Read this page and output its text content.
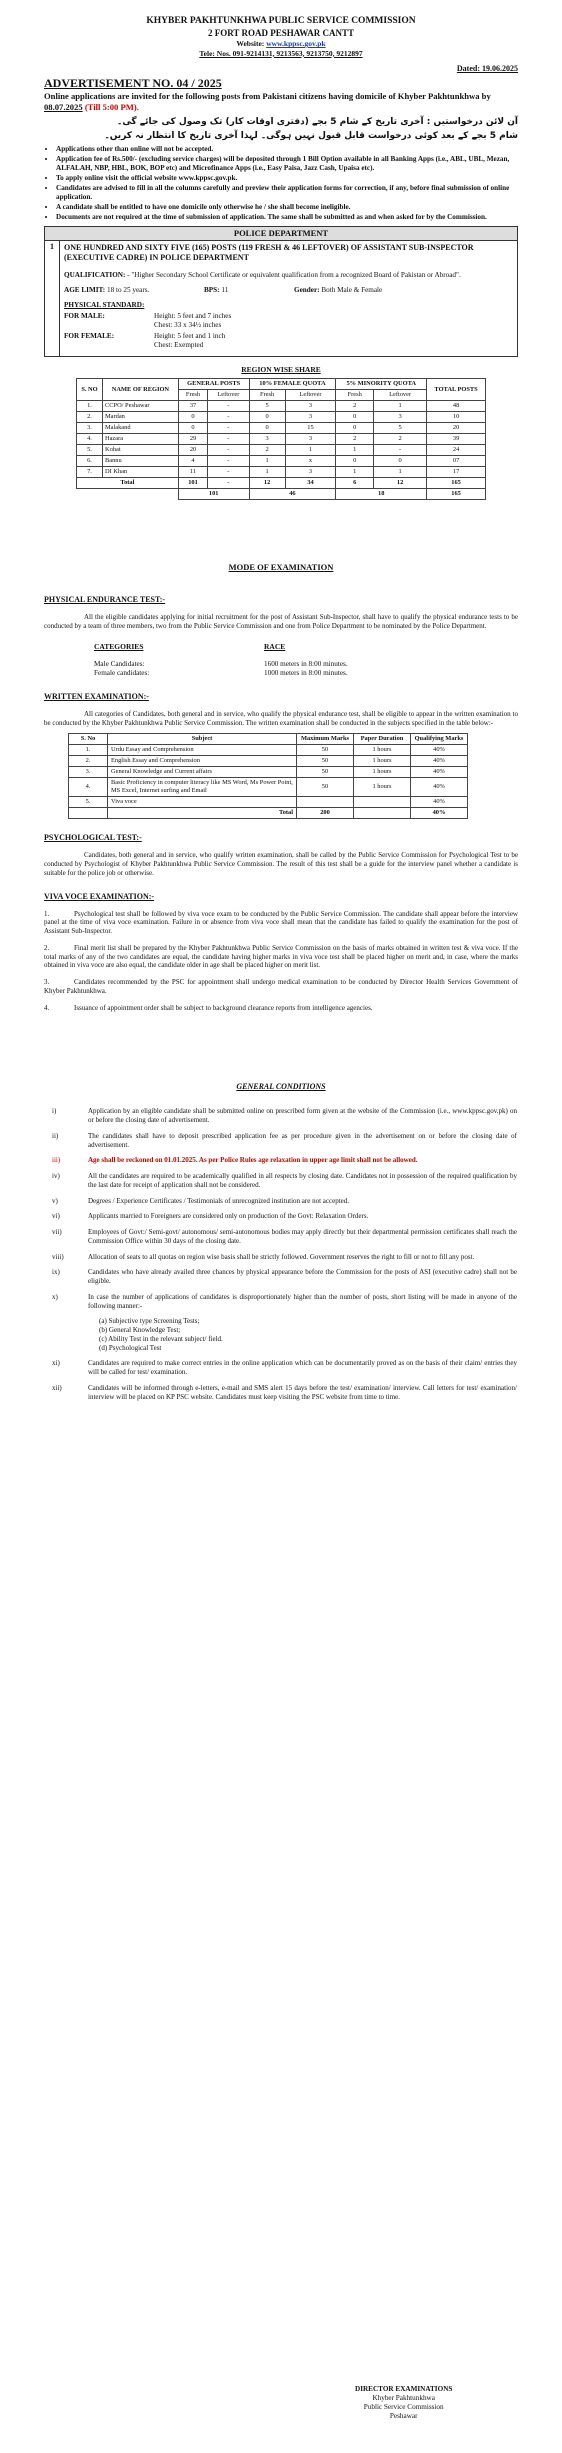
KHYBER PAKHTUNKHWA PUBLIC SERVICE COMMISSION
2 FORT ROAD PESHAWAR CANTT
Website: www.kppsc.gov.pk
Tele: Nos. 091-9214131, 9213563, 9213750, 9212897
Dated: 19.06.2025
ADVERTISEMENT NO. 04 / 2025
Online applications are invited for the following posts from Pakistani citizens having domicile of Khyber Pakhtunkhwa by 08.07.2025 (Till 5:00 PM).
آن لائن درخواستیں : آخری تاریخ کے شام 5 بجے (دفتری اوقات کار) تک وصول کی جائے گی۔
شام 5 بجے کے بعد کوئی درخواست قابل قبول نہیں ہوگی۔ لہذا آخری تاریخ کا انتظار نہ کریں۔
• Applications other than online will not be accepted.
• Application fee of Rs.500/- (excluding service charges) will be deposited through 1 Bill Option available in all Banking Apps (i.e., ABL, UBL, Mezan, ALFALAH, NBP, HBL, BOK, BOP etc) and Microfinance Apps (i.e., Easy Paisa, Jazz Cash, Upaisa etc).
• To apply online visit the official website www.kppsc.gov.pk.
• Candidates are advised to fill in all the columns carefully and preview their application forms for correction, if any, before final submission of online application.
• A candidate shall be entitled to have one domicile only otherwise he / she shall become ineligible.
• Documents are not required at the time of submission of application. The same shall be submitted as and when asked for by the Commission.
POLICE DEPARTMENT
1	ONE HUNDRED AND SIXTY FIVE (165) POSTS (119 FRESH & 46 LEFTOVER) OF ASSISTANT SUB-INSPECTOR (EXECUTIVE CADRE) IN POLICE DEPARTMENT
QUALIFICATION: - "Higher Secondary School Certificate or equivalent qualification from a recognized Board of Pakistan or Abroad".
AGE LIMIT: 18 to 25 years.	BPS: 11	Gender: Both Male & Female
PHYSICAL STANDARD:
FOR MALE:	Height: 5 feet and 7 inches
Chest: 33 x 34½ inches
FOR FEMALE:	Height: 5 feet and 1 inch
Chest: Exempted
REGION WISE SHARE
S. NO	NAME OF REGION	GENERAL POSTS		10% FEMALE QUOTA		5% MINORITY QUOTA		TOTAL POSTS
		Fresh	Leftover	Fresh	Leftover	Fresh	Leftover	
1.	CCPO/ Peshawar	37	-	5	3	2	1	48
2.	Mardan	0	-	0	3	0	3	10
3.	Malakand	0	-	0	15	0	5	20
4.	Hazara	29	-	3	3	2	2	39
5.	Kohat	20	-	2	1	1	-	24
6.	Bannu	4	-	1	x	0	0	07
7.	DI Khan	11	-	1	3	1	1	17
Total		101	-	12	34	6	12	165
		101		46		18		165
MODE OF EXAMINATION
PHYSICAL ENDURANCE TEST:-
All the eligible candidates applying for initial recruitment for the post of Assistant Sub-Inspector, shall have to qualify the physical endurance tests to be conducted by a team of three members, two from the Public Service Commission and one from Police Department to be nominated by the Police Department.
CATEGORIES	RACE
Male Candidates:	1600 meters in 8:00 minutes.
Female candidates:	1000 meters in 8:00 minutes.
WRITTEN EXAMINATION:-
All categories of Candidates, both general and in service, who qualify the physical endurance test, shall be eligible to appear in the written examination to be conducted by the Khyber Pakhtunkhwa Public Service Commission. The written examination shall be conducted in the subjects specified in the table below:-
S. No	Subject	Maximum Marks	Paper Duration	Qualifying Marks
1.	Urdu Essay and Comprehension	50	1 hours	40%
2.	English Essay and Comprehension	50	1 hours	40%
3.	General Knowledge and Current affairs	50	1 hours	40%
4.	Basic Proficiency in computer literacy like MS Word, Ms Power Point, MS Excel, Internet surfing and Email	50	1 hours	40%
5.	Viva voce			40%
	Total	200		40%
PSYCHOLOGICAL TEST:-
Candidates, both general and in service, who qualify written examination, shall be called by the Public Service Commission for Psychological Test to be conducted by Psychologist of Khyber Pakhtunkhwa Public Service Commission. The result of this test shall be a guide for the interview panel whether a candidate is suitable for the police job or otherwise.
VIVA VOCE EXAMINATION:-
1.	Psychological test shall be followed by viva voce exam to be conducted by the Public Service Commission. The candidate shall appear before the interview panel at the time of viva voce examination. Failure in or absence from viva voce shall mean that the candidate has failed to qualify the examination for the post of Assistant Sub-Inspector.
2.	Final merit list shall be prepared by the Khyber Pakhtunkhwa Public Service Commission on the basis of marks obtained in written test & viva voce. If the total marks of any of the two candidates are equal, the candidate having higher marks in viva voce test shall be placed higher on merit and, in case, where the marks obtained in viva voce are also equal, the candidate older in age shall be placed higher on merit list.
3.	Candidates recommended by the PSC for appointment shall undergo medical examination to be conducted by Director Health Services Government of Khyber Pakhtunkhwa.
4.	Issuance of appointment order shall be subject to background clearance reports from intelligence agencies.
GENERAL CONDITIONS
i)	Application by an eligible candidate shall be submitted online on prescribed form given at the website of the Commission (i.e., www.kppsc.gov.pk) on or before the closing date of advertisement.
ii)	The candidates shall have to deposit prescribed application fee as per procedure given in the advertisement on or before the closing date of advertisement.
iii)	Age shall be reckoned on 01.01.2025. As per Police Rules age relaxation in upper age limit shall not be allowed.
iv)	All the candidates are required to be academically qualified in all respects by closing date. Candidates not in possession of the required qualification by the last date for receipt of application shall not be considered.
v)	Degrees / Experience Certificates / Testimonials of unrecognized institution are not accepted.
vi)	Applicants married to Foreigners are considered only on production of the Govt: Relaxation Orders.
vii)	Employees of Govt:/ Semi-govt/ autonomous/ semi-autonomous bodies may apply directly but their departmental permission certificates shall reach the Commission Office within 30 days of the closing date.
viii)	Allocation of seats to all quotas on region wise basis shall be strictly followed. Government reserves the right to fill or not to fill any post.
ix)	Candidates who have already availed three chances by physical appearance before the Commission for the posts of ASI (executive cadre) shall not be eligible.
x)	In case the number of applications of candidates is disproportionately higher than the number of posts, short listing will be made in anyone of the following manner:-

	(a) Subjective type Screening Tests;
(b) General Knowledge Test;
(c) Ability Test in the relevant subject/ field.
(d) Psychological Test

xi)	Candidates are required to make correct entries in the online application which can be documentarily proved as on the basis of their claim/ entries they will be called for test/ examination.
xii)	Candidates will be informed through e-letters, e-mail and SMS alert 15 days before the test/ examination/ interview. Call letters for test/ examination/ interview will be placed on KP PSC website. Candidates must keep visiting the PSC website from time to time.
DIRECTOR EXAMINATIONS
Khyber Pakhtunkhwa
Public Service Commission
Peshawar
